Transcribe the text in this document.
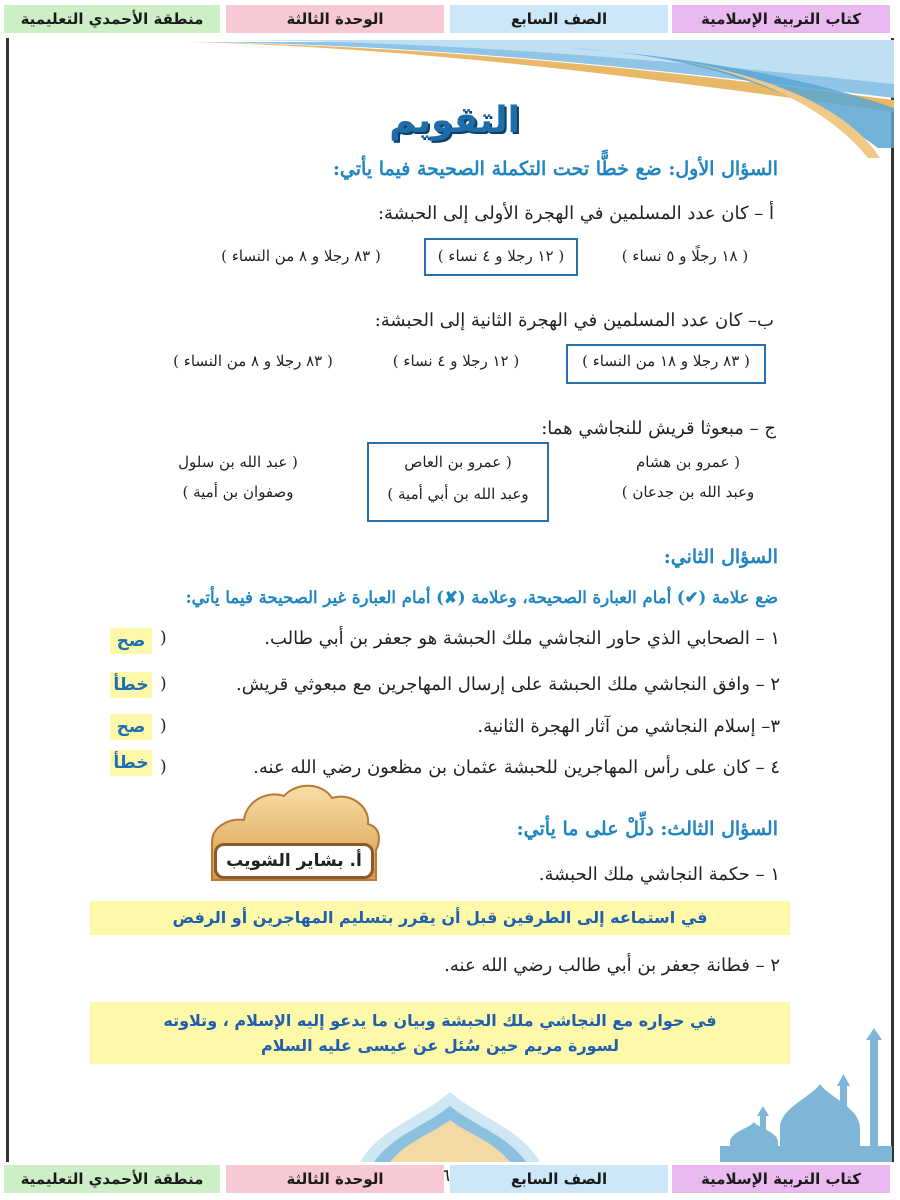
كتاب التربية الإسلامية
الصف السابع
الوحدة الثالثة
منطقة الأحمدي التعليمية
التقويم
السؤال الأول: ضع خطًّا تحت التكملة الصحيحة فيما يأتي:
أ – كان عدد المسلمين في الهجرة الأولى إلى الحبشة:
( ١٨ رجلًا و ٥ نساء )
( ١٢ رجلا و ٤ نساء )
( ٨٣ رجلا و ٨ من النساء )
ب– كان عدد المسلمين في الهجرة الثانية إلى الحبشة:
( ٨٣ رجلا و ١٨ من النساء )
( ١٢ رجلا و ٤ نساء )
( ٨٣ رجلا و ٨ من النساء )
ج – مبعوثا قريش للنجاشي هما:
( عمرو بن هشام
وعبد الله بن جدعان )
( عمرو بن العاص
وعبد الله بن أبي أمية )
( عبد الله بن سلول
وصفوان بن أمية )
السؤال الثاني:
ضع علامة (✔) أمام العبارة الصحيحة، وعلامة (✘) أمام العبارة غير الصحيحة فيما يأتي:
١ – الصحابي الذي حاور النجاشي ملك الحبشة هو جعفر بن أبي طالب.
(
صح
٢ – وافق النجاشي ملك الحبشة على إرسال المهاجرين مع مبعوثي قريش.
(
خطأ
٣– إسلام النجاشي من آثار الهجرة الثانية.
(
صح
٤ – كان على رأس المهاجرين للحبشة عثمان بن مظعون رضي الله عنه.
(
خطأ
أ. بشاير الشويب
السؤال الثالث: دلِّلْ على ما يأتي:
١ – حكمة النجاشي ملك الحبشة.
في استماعه إلى الطرفين قبل أن يقرر بتسليم المهاجرين أو الرفض
٢ – فطانة جعفر بن أبي طالب رضي الله عنه.
في حواره مع النجاشي ملك الحبشة وبيان ما يدعو إليه الإسلام ، وتلاوته
لسورة مريم حين سُئل عن عيسى عليه السلام
كتاب التربية الإسلامية
الصف السابع
الوحدة الثالثة
منطقة الأحمدي التعليمية
